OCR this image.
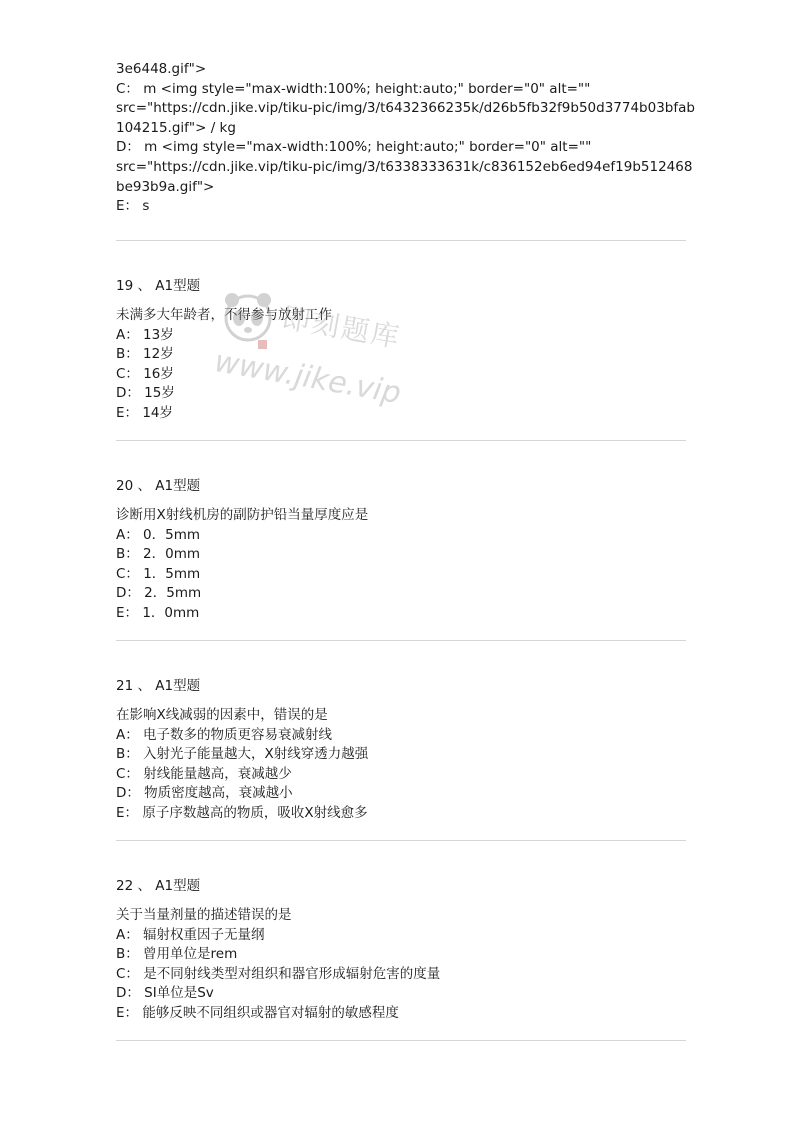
3e6448.gif">
C： m <img style="max-width:100%; height:auto;" border="0" alt=""
src="https://cdn.jike.vip/tiku-pic/img/3/t6432366235k/d26b5fb32f9b50d3774b03bfab
104215.gif"> / kg
D： m <img style="max-width:100%; height:auto;" border="0" alt=""
src="https://cdn.jike.vip/tiku-pic/img/3/t6338333631k/c836152eb6ed94ef19b512468
be93b9a.gif">
E： s
19 、 A1型题
未满多大年龄者，不得参与放射工作
A： 13岁
B： 12岁
C： 16岁
D： 15岁
E： 14岁
20 、 A1型题
诊断用X射线机房的副防护铅当量厚度应是
A： 0．5mm
B： 2．0mm
C： 1．5mm
D： 2．5mm
E： 1．0mm
21 、 A1型题
在影响X线减弱的因素中，错误的是
A： 电子数多的物质更容易衰减射线
B： 入射光子能量越大，X射线穿透力越强
C： 射线能量越高，衰减越少
D： 物质密度越高，衰减越小
E： 原子序数越高的物质，吸收X射线愈多
22 、 A1型题
关于当量剂量的描述错误的是
A： 辐射权重因子无量纲
B： 曾用单位是rem
C： 是不同射线类型对组织和器官形成辐射危害的度量
D： SI单位是Sv
E： 能够反映不同组织或器官对辐射的敏感程度
即刻题库
www.jike.vip
